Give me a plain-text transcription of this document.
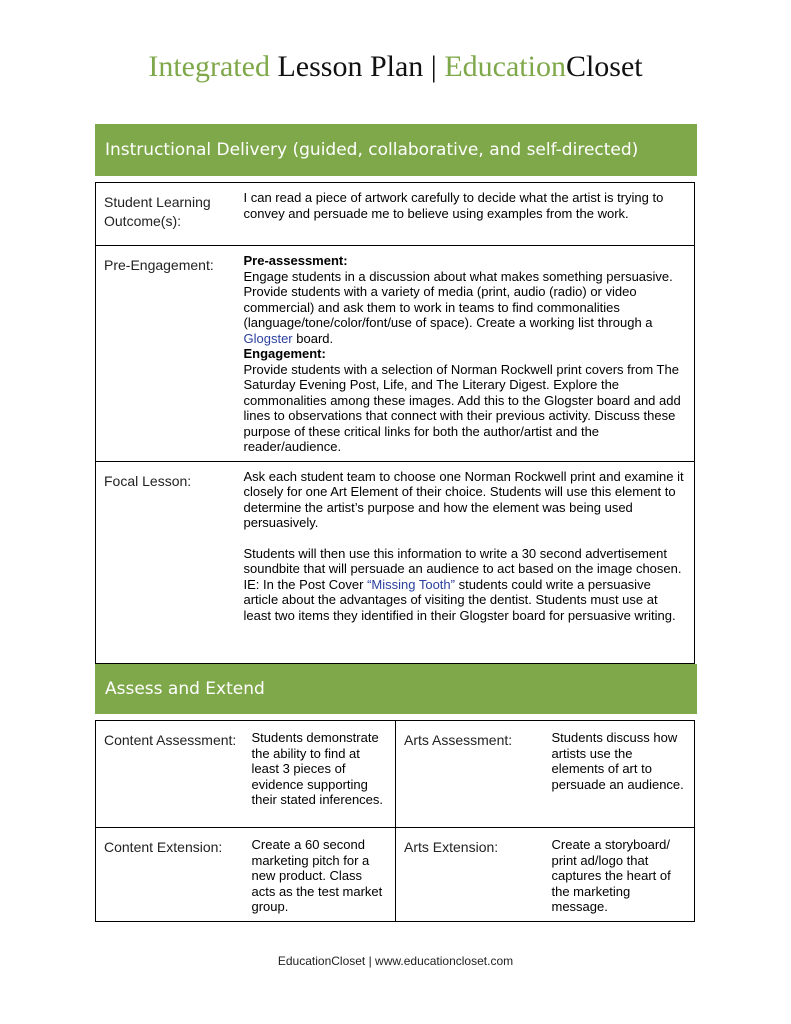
Integrated Lesson Plan | EducationCloset
Instructional Delivery (guided, collaborative, and self-directed)
Student Learning Outcome(s):	I can read a piece of artwork carefully to decide what the artist is trying to convey and persuade me to believe using examples from the work.
Pre-Engagement:	Pre-assessment:
Engage students in a discussion about what makes something persuasive. Provide students with a variety of media (print, audio (radio) or video commercial) and ask them to work in teams to find commonalities (language/tone/color/font/use of space). Create a working list through a Glogster board.
Engagement:
Provide students with a selection of Norman Rockwell print covers from The Saturday Evening Post, Life, and The Literary Digest. Explore the commonalities among these images. Add this to the Glogster board and add lines to observations that connect with their previous activity. Discuss these purpose of these critical links for both the author/artist and the reader/audience.

Focal Lesson:	Ask each student team to choose one Norman Rockwell print and examine it closely for one Art Element of their choice. Students will use this element to determine the artist’s purpose and how the element was being used persuasively.

Students will then use this information to write a 30 second advertisement soundbite that will persuade an audience to act based on the image chosen. IE: In the Post Cover “Missing Tooth” students could write a persuasive article about the advantages of visiting the dentist. Students must use at least two items they identified in their Glogster board for persuasive writing.

Assess and Extend
Content Assessment:	Students demonstrate the ability to find at least 3 pieces of evidence supporting their stated inferences.	Arts Assessment:	Students discuss how artists use the elements of art to persuade an audience.
Content Extension:	Create a 60 second marketing pitch for a new product. Class acts as the test market group.	Arts Extension:	Create a storyboard/ print ad/logo that captures the heart of the marketing message.
EducationCloset | www.educationcloset.com
